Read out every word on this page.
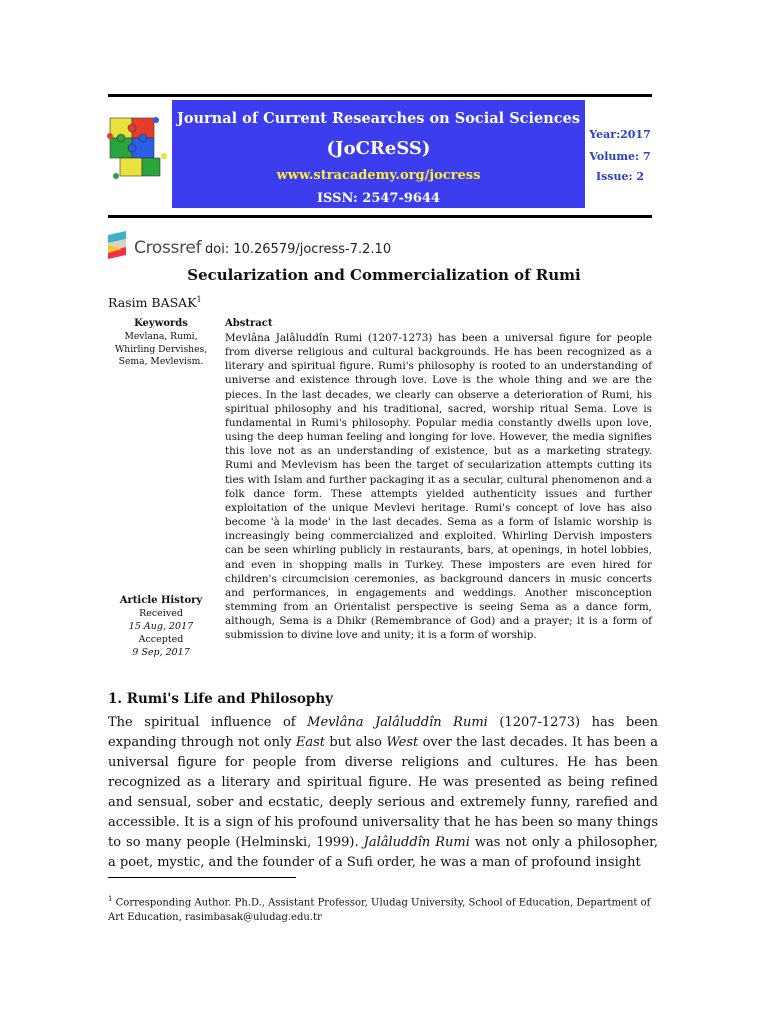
Journal of Current Researches on Social Sciences
(JoCReSS)
www.stracademy.org/jocress
ISSN: 2547-9644
Year:2017
Volume: 7
Issue: 2
Crossref doi: 10.26579/jocress-7.2.10
Secularization and Commercialization of Rumi
Rasim BASAK$^1$
Keywords
Mevlana, Rumi, Whirling Dervishes, Sema, Mevlevism.
Article History
Received
15 Aug, 2017
Accepted
9 Sep, 2017
Abstract
Mevlâna Jalâluddîn Rumi (1207-1273) has been a universal figure for people from diverse religious and cultural backgrounds. He has been recognized as a literary and spiritual figure. Rumi's philosophy is rooted to an understanding of universe and existence through love. Love is the whole thing and we are the pieces. In the last decades, we clearly can observe a deterioration of Rumi, his spiritual philosophy and his traditional, sacred, worship ritual Sema. Love is fundamental in Rumi's philosophy. Popular media constantly dwells upon love, using the deep human feeling and longing for love. However, the media signifies this love not as an understanding of existence, but as a marketing strategy. Rumi and Mevlevism has been the target of secularization attempts cutting its ties with Islam and further packaging it as a secular, cultural phenomenon and a folk dance form. These attempts yielded authenticity issues and further exploitation of the unique Mevlevi heritage. Rumi's concept of love has also become 'à la mode' in the last decades. Sema as a form of Islamic worship is increasingly being commercialized and exploited. Whirling Dervish imposters can be seen whirling publicly in restaurants, bars, at openings, in hotel lobbies, and even in shopping malls in Turkey. These imposters are even hired for children's circumcision ceremonies, as background dancers in music concerts and performances, in engagements and weddings. Another misconception stemming from an Orientalist perspective is seeing Sema as a dance form, although, Sema is a Dhikr (Remembrance of God) and a prayer; it is a form of submission to divine love and unity; it is a form of worship.
1. Rumi's Life and Philosophy
The spiritual influence of Mevlâna Jalâluddîn Rumi (1207-1273) has been expanding through not only East but also West over the last decades. It has been a universal figure for people from diverse religions and cultures. He has been recognized as a literary and spiritual figure. He was presented as being refined and sensual, sober and ecstatic, deeply serious and extremely funny, rarefied and accessible. It is a sign of his profound universality that he has been so many things to so many people (Helminski, 1999). Jalâluddîn Rumi was not only a philosopher, a poet, mystic, and the founder of a Sufi order, he was a man of profound insight
$^1$ Corresponding Author. Ph.D., Assistant Professor, Uludag University, School of Education, Department of Art Education, rasimbasak@uludag.edu.tr
